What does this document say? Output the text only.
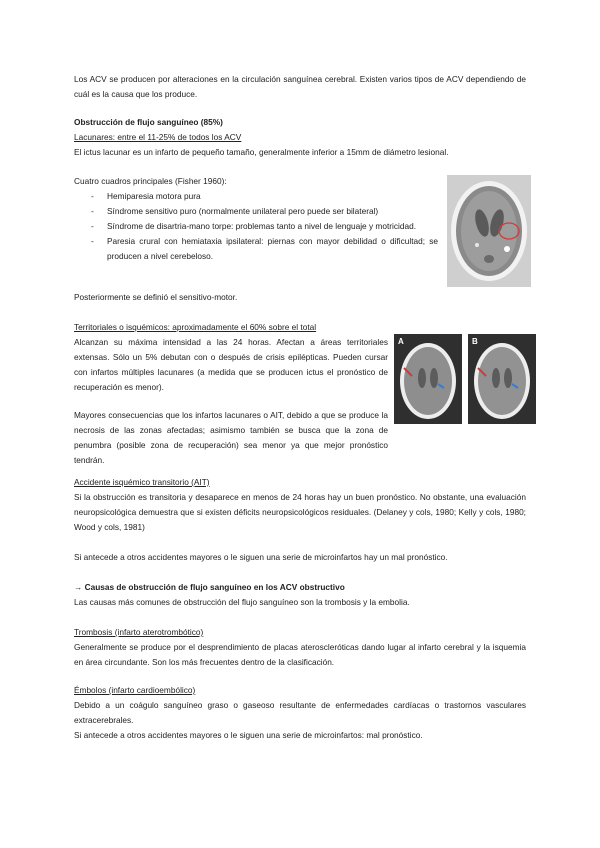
Los ACV se producen por alteraciones en la circulación sanguínea cerebral. Existen varios tipos de ACV dependiendo de cuál es la causa que los produce.

Obstrucción de flujo sanguíneo (85%)

Lacunares: entre el 11-25% de todos los ACV

El ictus lacunar es un infarto de pequeño tamaño, generalmente inferior a 15mm de diámetro lesional.

Cuatro cuadros principales (Fisher 1960):

- Hemiparesia motora pura
- Síndrome sensitivo puro (normalmente unilateral pero puede ser bilateral)
- Síndrome de disartria-mano torpe: problemas tanto a nivel de lenguaje y motricidad.
- Paresia crural con hemiataxia ipsilateral: piernas con mayor debilidad o dificultad; se producen a nivel cerebeloso.

Posteriormente se definió el sensitivo-motor.

Territoriales o isquémicos: aproximadamente el 60% sobre el total

Alcanzan su máxima intensidad a las 24 horas. Afectan a áreas territoriales extensas. Sólo un 5% debutan con o después de crisis epilépticas. Pueden cursar con infartos múltiples lacunares (a medida que se producen ictus el pronóstico de recuperación es menor).

A	B

Mayores consecuencias que los infartos lacunares o AIT, debido a que se produce la necrosis de las zonas afectadas; asimismo también se busca que la zona de penumbra (posible zona de recuperación) sea menor ya que mejor pronóstico tendrán.

Accidente isquémico transitorio (AIT)

Si la obstrucción es transitoria y desaparece en menos de 24 horas hay un buen pronóstico. No obstante, una evaluación neuropsicológica demuestra que si existen déficits neuropsicológicos residuales. (Delaney y cols, 1980; Kelly y cols, 1980; Wood y cols, 1981)

Si antecede a otros accidentes mayores o le siguen una serie de microinfartos hay un mal pronóstico.

→ Causas de obstrucción de flujo sanguíneo en los ACV obstructivo

Las causas más comunes de obstrucción del flujo sanguíneo son la trombosis y la embolia.

Trombosis (infarto aterotrombótico)

Generalmente se produce por el desprendimiento de placas ateroscleróticas dando lugar al infarto cerebral y la isquemia en área circundante. Son los más frecuentes dentro de la clasificación.

Émbolos (infarto cardioembólico)

Debido a un coágulo sanguíneo graso o gaseoso resultante de enfermedades cardíacas o trastornos vasculares extracerebrales.

Si antecede a otros accidentes mayores o le siguen una serie de microinfartos: mal pronóstico.
